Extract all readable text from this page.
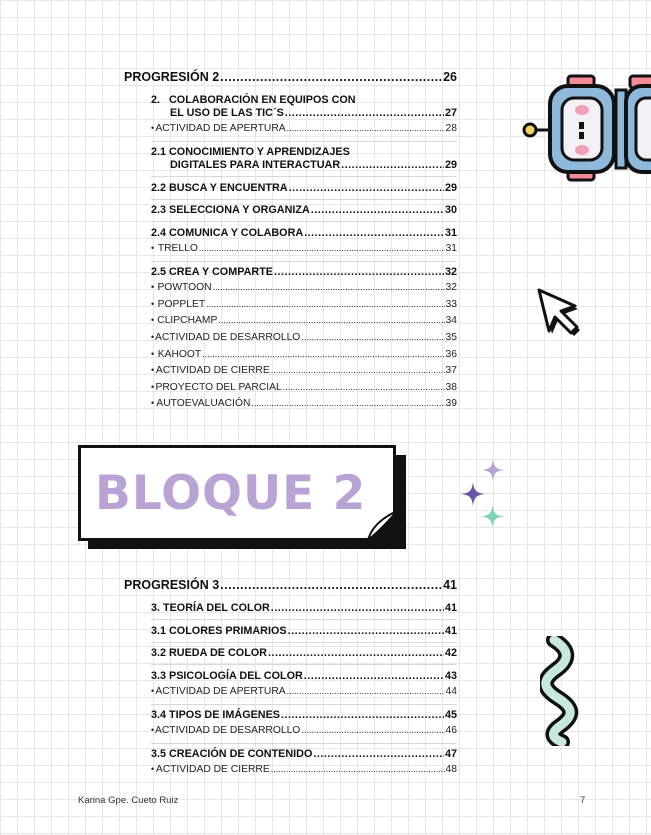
PROGRESIÓN 2 .....	26
2.   COLABORACIÓN EN EQUIPOS CON
EL USO DE LAS TIC´S .....	27
• ACTIVIDAD DE APERTURA .....	28
2.1 CONOCIMIENTO Y APRENDIZAJES
DIGITALES PARA INTERACTUAR .....	29
2.2 BUSCA Y ENCUENTRA .....	29
2.3 SELECCIONA Y ORGANIZA .....	30
2.4 COMUNICA Y COLABORA .....	31
• TRELLO .....	31
2.5 CREA Y COMPARTE .....	32
• POWTOON .....	32
• POPPLET .....	33
• CLIPCHAMP .....	34
• ACTIVIDAD DE DESARROLLO .....	35
• KAHOOT .....	36
• ACTIVIDAD DE CIERRE .....	37
• PROYECTO DEL PARCIAL .....	38
• AUTOEVALUACIÓN .....	39
BLOQUE 2
PROGRESIÓN 3 .....	41
3. TEORÍA DEL COLOR .....	41
3.1 COLORES PRIMARIOS .....	41
3.2 RUEDA DE COLOR .....	42
3.3 PSICOLOGÍA DEL COLOR .....	43
• ACTIVIDAD DE APERTURA .....	44
3.4 TIPOS DE IMÁGENES .....	45
• ACTIVIDAD DE DESARROLLO .....	46
3.5 CREACIÓN DE CONTENIDO .....	47
• ACTIVIDAD DE CIERRE .....	48
Karina Gpe. Cueto Ruiz	7
